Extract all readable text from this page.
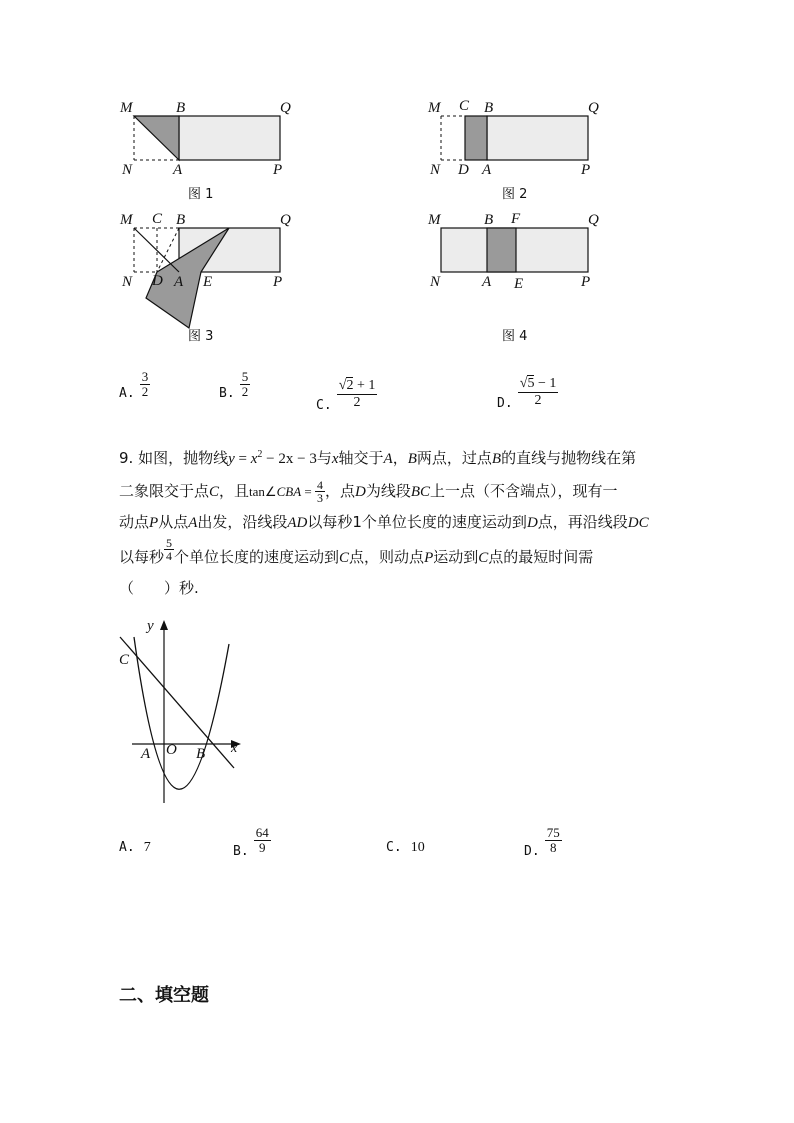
M	B	Q
N	A	P
图 1
M C B	Q
N D A	P
图 2
M C B	Q
N D A E	P
图 3
M	B F	Q
N	A E	P
图 4
A. $\frac{3}{2}$	B. $\frac{5}{2}$
$_{C.} \frac{√2 + 1}{2}$	$_{D.} \frac{√5 - 1}{2}$
9. 如图，抛物线$y = x^2 - 2x - 3$与x轴交于A，B两点，过点B的直线与抛物线在第
二象限交于点C，且tan∠CBA = $\frac{4}{3}$ ，点D为线段BC上一点（不含端点），现有一
动点P从点A出发，沿线段AD以每秒1个单位长度的速度运动到D点，再沿线段DC
以每秒 $\frac{5}{4}$ 个单位长度的速度运动到C点，则动点P运动到C点的最短时间需
（　　）秒.
y
x
C
A O B
A. 7	$_{B.} \frac{64}{9}$	C. 10	$_{D.} \frac{75}{8}$
二、填空题
